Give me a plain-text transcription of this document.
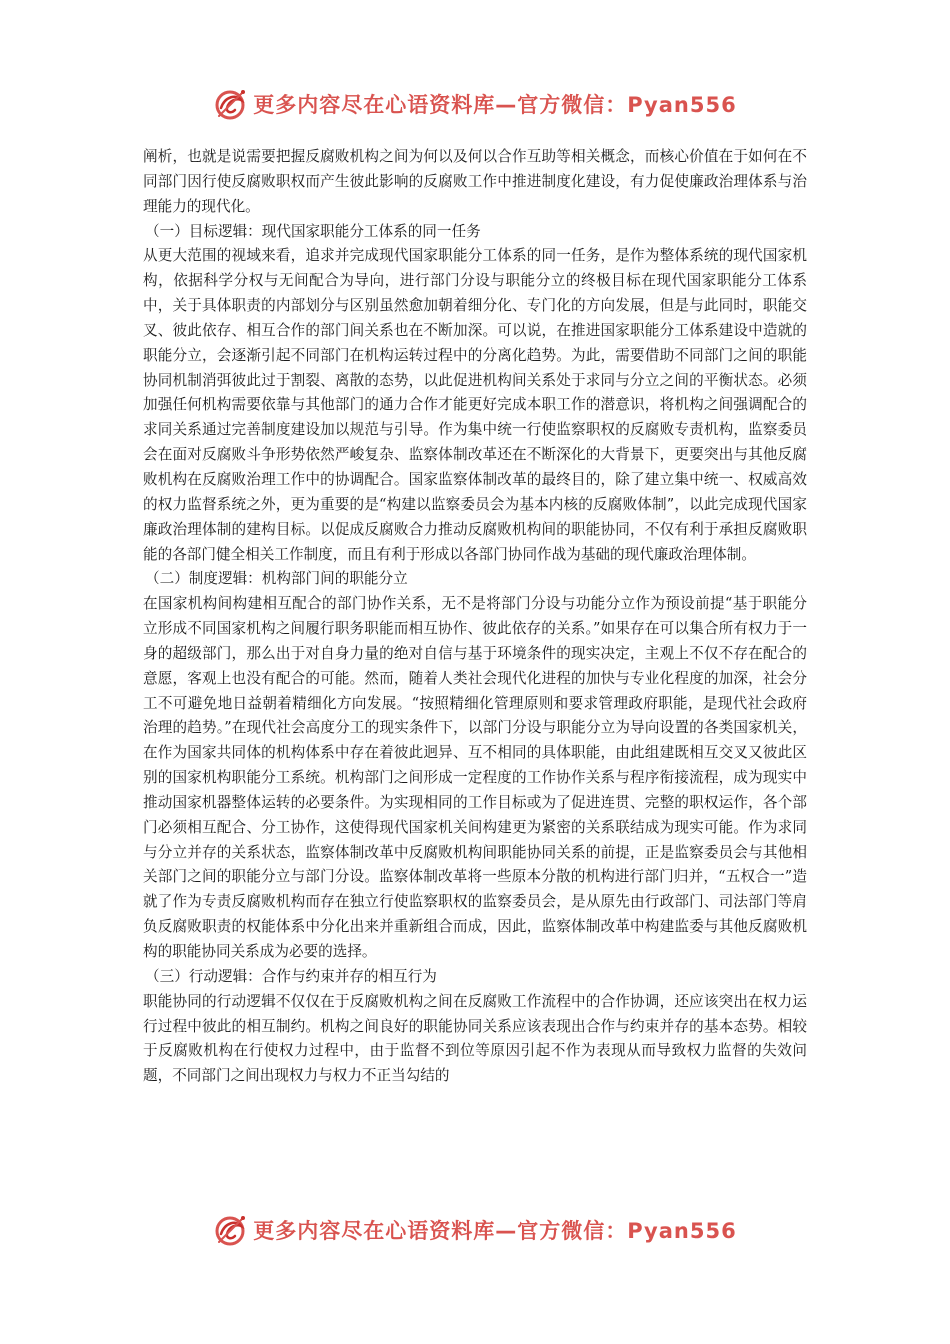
更多内容尽在心语资料库—官方微信：Pyan556

阐析，也就是说需要把握反腐败机构之间为何以及何以合作互助等相关概念，而核心价值在于如何在不同部门因行使反腐败职权而产生彼此影响的反腐败工作中推进制度化建设，有力促使廉政治理体系与治理能力的现代化。

（一）目标逻辑：现代国家职能分工体系的同一任务

从更大范围的视域来看，追求并完成现代国家职能分工体系的同一任务，是作为整体系统的现代国家机构，依据科学分权与无间配合为导向，进行部门分设与职能分立的终极目标在现代国家职能分工体系中，关于具体职责的内部划分与区别虽然愈加朝着细分化、专门化的方向发展，但是与此同时，职能交叉、彼此依存、相互合作的部门间关系也在不断加深。可以说，在推进国家职能分工体系建设中造就的职能分立，会逐渐引起不同部门在机构运转过程中的分离化趋势。为此，需要借助不同部门之间的职能协同机制消弭彼此过于割裂、离散的态势，以此促进机构间关系处于求同与分立之间的平衡状态。必须加强任何机构需要依靠与其他部门的通力合作才能更好完成本职工作的潜意识，将机构之间强调配合的求同关系通过完善制度建设加以规范与引导。作为集中统一行使监察职权的反腐败专责机构，监察委员会在面对反腐败斗争形势依然严峻复杂、监察体制改革还在不断深化的大背景下，更要突出与其他反腐败机构在反腐败治理工作中的协调配合。国家监察体制改革的最终目的，除了建立集中统一、权威高效的权力监督系统之外，更为重要的是“构建以监察委员会为基本内核的反腐败体制”，以此完成现代国家廉政治理体制的建构目标。以促成反腐败合力推动反腐败机构间的职能协同，不仅有利于承担反腐败职能的各部门健全相关工作制度，而且有利于形成以各部门协同作战为基础的现代廉政治理体制。

（二）制度逻辑：机构部门间的职能分立

在国家机构间构建相互配合的部门协作关系，无不是将部门分设与功能分立作为预设前提“基于职能分立形成不同国家机构之间履行职务职能而相互协作、彼此依存的关系。”如果存在可以集合所有权力于一身的超级部门，那么出于对自身力量的绝对自信与基于环境条件的现实决定，主观上不仅不存在配合的意愿，客观上也没有配合的可能。然而，随着人类社会现代化进程的加快与专业化程度的加深，社会分工不可避免地日益朝着精细化方向发展。“按照精细化管理原则和要求管理政府职能，是现代社会政府治理的趋势。”在现代社会高度分工的现实条件下，以部门分设与职能分立为导向设置的各类国家机关，在作为国家共同体的机构体系中存在着彼此迥异、互不相同的具体职能，由此组建既相互交叉又彼此区别的国家机构职能分工系统。机构部门之间形成一定程度的工作协作关系与程序衔接流程，成为现实中推动国家机器整体运转的必要条件。为实现相同的工作目标或为了促进连贯、完整的职权运作，各个部门必须相互配合、分工协作，这使得现代国家机关间构建更为紧密的关系联结成为现实可能。作为求同与分立并存的关系状态，监察体制改革中反腐败机构间职能协同关系的前提，正是监察委员会与其他相关部门之间的职能分立与部门分设。监察体制改革将一些原本分散的机构进行部门归并，“五权合一”造就了作为专责反腐败机构而存在独立行使监察职权的监察委员会，是从原先由行政部门、司法部门等肩负反腐败职责的权能体系中分化出来并重新组合而成，因此，监察体制改革中构建监委与其他反腐败机构的职能协同关系成为必要的选择。

（三）行动逻辑：合作与约束并存的相互行为

职能协同的行动逻辑不仅仅在于反腐败机构之间在反腐败工作流程中的合作协调，还应该突出在权力运行过程中彼此的相互制约。机构之间良好的职能协同关系应该表现出合作与约束并存的基本态势。相较于反腐败机构在行使权力过程中，由于监督不到位等原因引起不作为表现从而导致权力监督的失效问题，不同部门之间出现权力与权力不正当勾结的

更多内容尽在心语资料库—官方微信：Pyan556
